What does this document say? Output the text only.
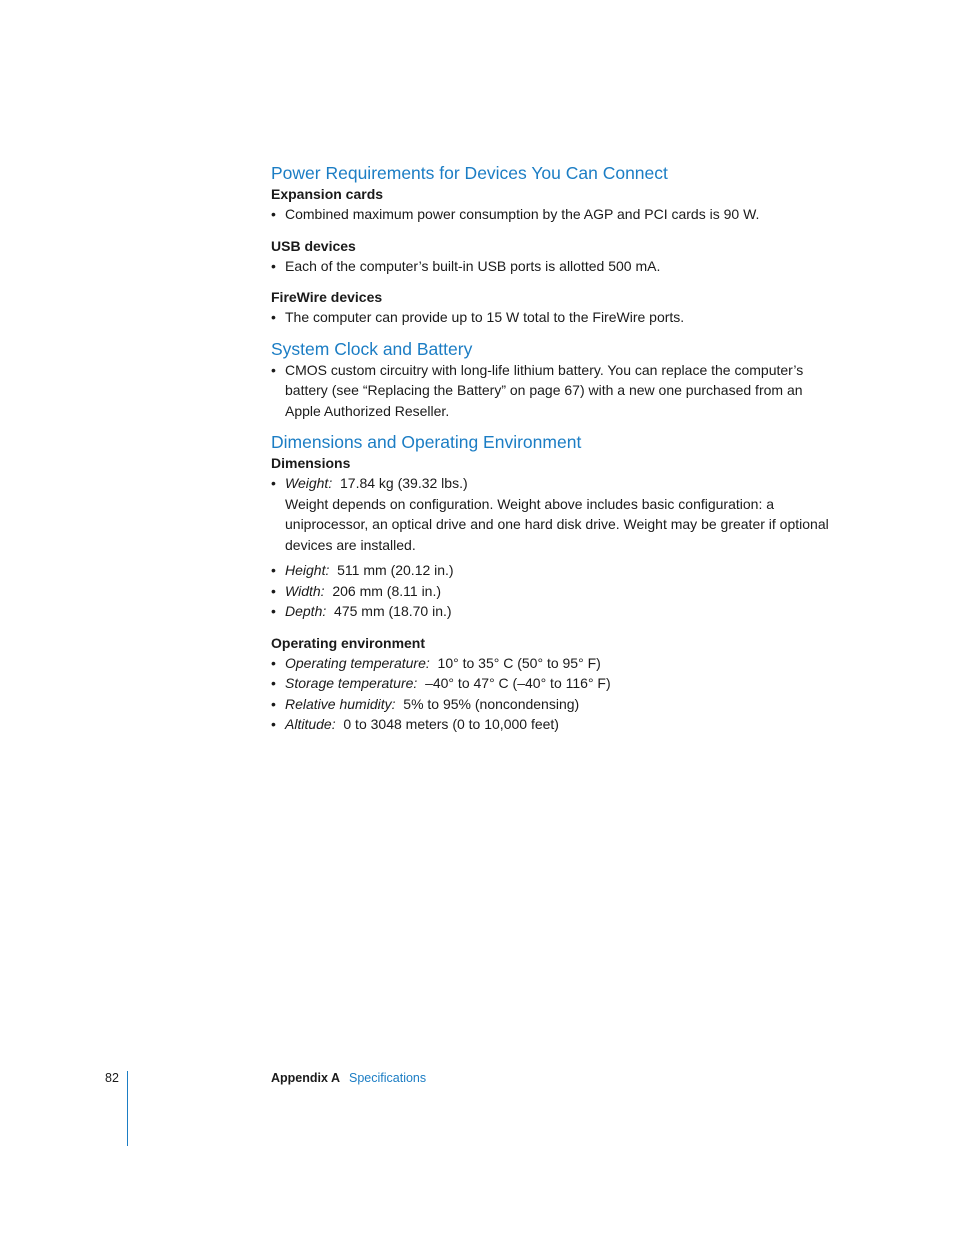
Power Requirements for Devices You Can Connect

Expansion cards

• Combined maximum power consumption by the AGP and PCI cards is 90 W.

USB devices

• Each of the computer’s built-in USB ports is allotted 500 mA.

FireWire devices

• The computer can provide up to 15 W total to the FireWire ports.
System Clock and Battery
• CMOS custom circuitry with long-life lithium battery. You can replace the computer’s battery (see “Replacing the Battery” on page 67) with a new one purchased from an Apple Authorized Reseller.
Dimensions and Operating Environment

Dimensions

• Weight: 17.84 kg (39.32 lbs.)
Weight depends on configuration. Weight above includes basic configuration: a uniprocessor, an optical drive and one hard disk drive. Weight may be greater if optional devices are installed.
• Height: 511 mm (20.12 in.)
• Width: 206 mm (8.11 in.)
• Depth: 475 mm (18.70 in.)

Operating environment

• Operating temperature: 10° to 35° C (50° to 95° F)
• Storage temperature: –40° to 47° C (–40° to 116° F)
• Relative humidity: 5% to 95% (noncondensing)
• Altitude: 0 to 3048 meters (0 to 10,000 feet)
82	Appendix A Specifications
